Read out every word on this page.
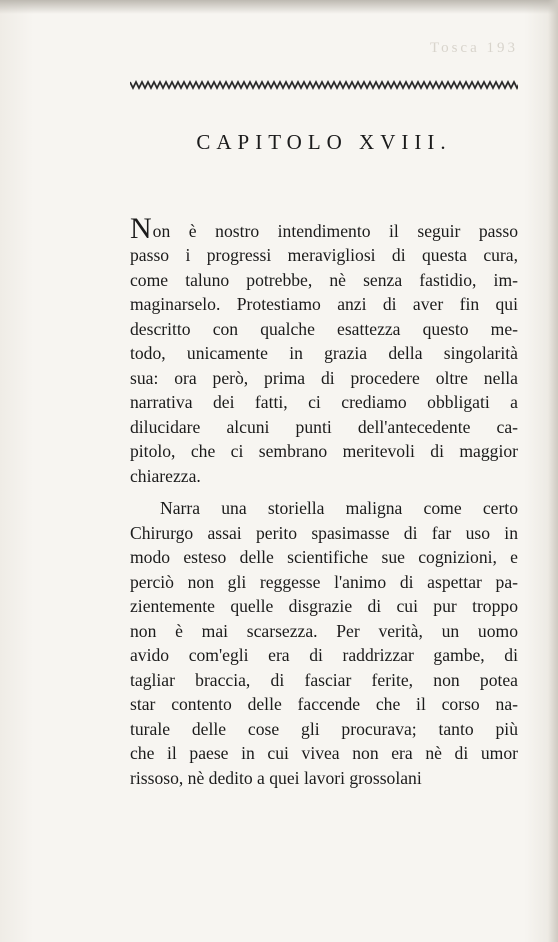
Tosca 193
CAPITOLO XVIII.
N on è nostro intendimento il seguir passo
passo i progressi meravigliosi di questa cura,
come taluno potrebbe, nè senza fastidio, im-
maginarselo. Protestiamo anzi di aver fin qui
descritto con qualche esattezza questo me-
todo, unicamente in grazia della singolarità
sua: ora però, prima di procedere oltre nella
narrativa dei fatti, ci crediamo obbligati a
dilucidare alcuni punti dell'antecedente ca-
pitolo, che ci sembrano meritevoli di maggior
chiarezza.
Narra una storiella maligna come certo
Chirurgo assai perito spasimasse di far uso in
modo esteso delle scientifiche sue cognizioni, e
perciò non gli reggesse l'animo di aspettar pa-
zientemente quelle disgrazie di cui pur troppo
non è mai scarsezza. Per verità, un uomo
avido com'egli era di raddrizzar gambe, di
tagliar braccia, di fasciar ferite, non potea
star contento delle faccende che il corso na-
turale delle cose gli procurava; tanto più
che il paese in cui vivea non era nè di umor
rissoso, nè dedito a quei lavori grossolani
